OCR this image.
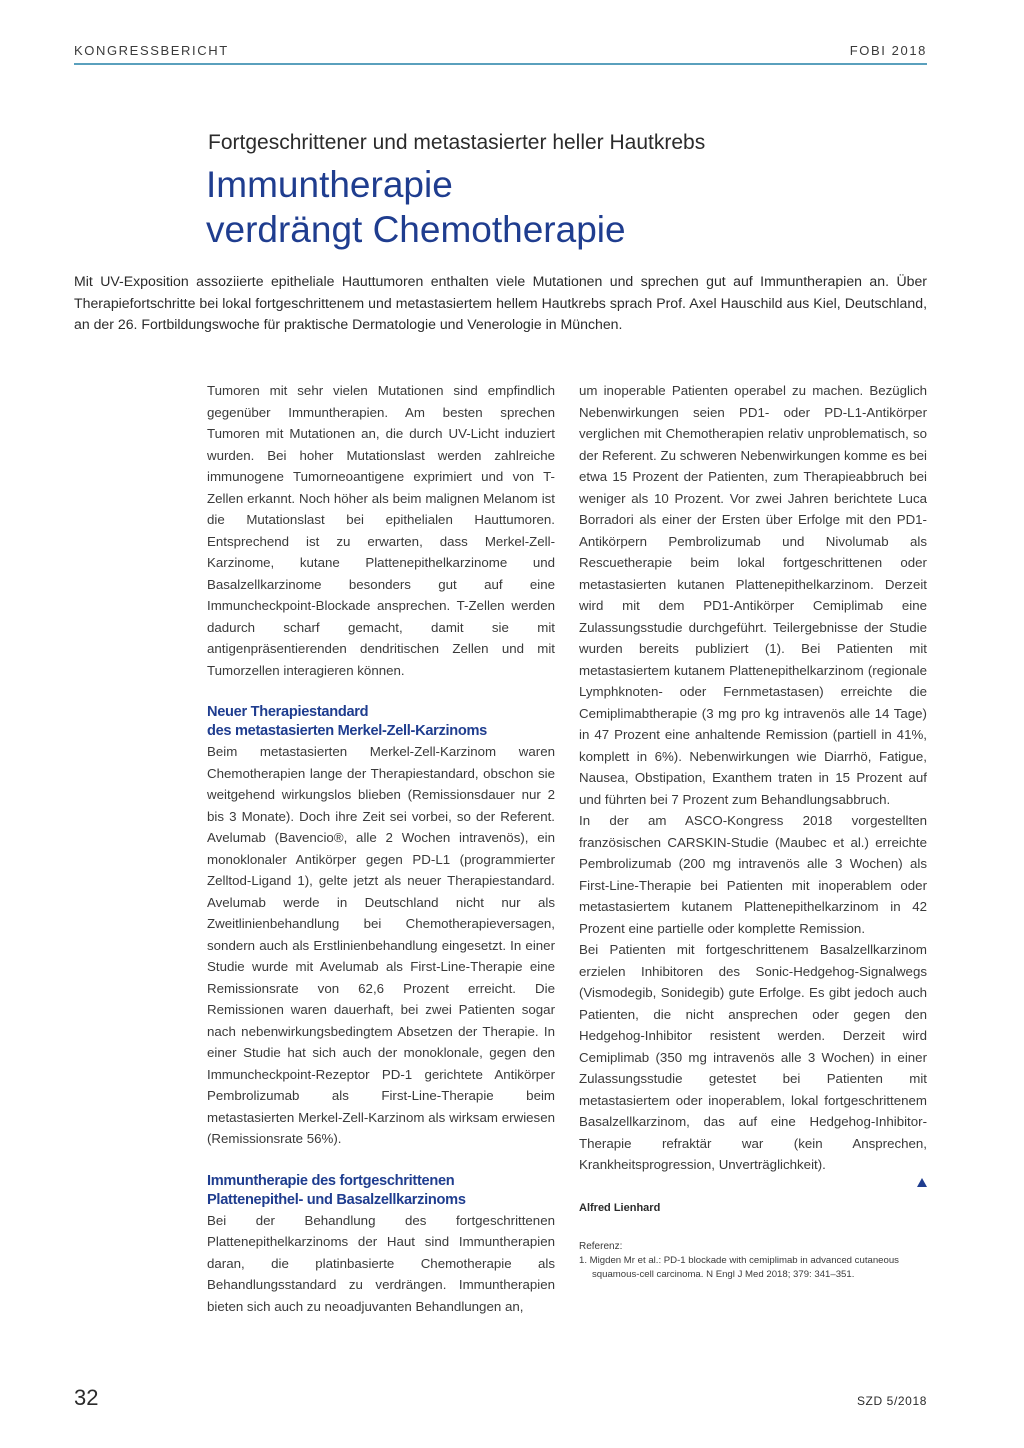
KONGRESSBERICHT	FOBI 2018
Fortgeschrittener und metastasierter heller Hautkrebs
Immuntherapie
verdrängt Chemotherapie
Mit UV-Exposition assoziierte epitheliale Hauttumoren enthalten viele Mutationen und sprechen gut auf Immuntherapien an. Über Therapiefortschritte bei lokal fortgeschrittenem und metastasiertem hellem Hautkrebs sprach Prof. Axel Hauschild aus Kiel, Deutschland, an der 26. Fortbildungswoche für praktische Dermatologie und Venerologie in München.

Tumoren mit sehr vielen Mutationen sind empfindlich gegenüber Immuntherapien. Am besten sprechen Tumoren mit Mutationen an, die durch UV-Licht induziert wurden. Bei hoher Mutationslast werden zahlreiche immunogene Tumorneoantigene exprimiert und von T-Zellen erkannt. Noch höher als beim malignen Melanom ist die Mutationslast bei epithelialen Hauttumoren. Entsprechend ist zu erwarten, dass Merkel-Zell-Karzinome, kutane Plattenepithelkarzinome und Basalzellkarzinome besonders gut auf eine Immuncheckpoint-Blockade ansprechen. T-Zellen werden dadurch scharf gemacht, damit sie mit antigenpräsentierenden dendritischen Zellen und mit Tumorzellen interagieren können.

Neuer Therapiestandard
des metastasierten Merkel-Zell-Karzinoms

Beim metastasierten Merkel-Zell-Karzinom waren Chemotherapien lange der Therapiestandard, obschon sie weitgehend wirkungslos blieben (Remissionsdauer nur 2 bis 3 Monate). Doch ihre Zeit sei vorbei, so der Referent. Avelumab (Bavencio®, alle 2 Wochen intravenös), ein monoklonaler Antikörper gegen PD-L1 (programmierter Zelltod-Ligand 1), gelte jetzt als neuer Therapiestandard. Avelumab werde in Deutschland nicht nur als Zweitlinienbehandlung bei Chemotherapieversagen, sondern auch als Erstlinienbehandlung eingesetzt. In einer Studie wurde mit Avelumab als First-Line-Therapie eine Remissionsrate von 62,6 Prozent erreicht. Die Remissionen waren dauerhaft, bei zwei Patienten sogar nach nebenwirkungsbedingtem Absetzen der Therapie. In einer Studie hat sich auch der monoklonale, gegen den Immuncheckpoint-Rezeptor PD-1 gerichtete Antikörper Pembrolizumab als First-Line-Therapie beim metastasierten Merkel-Zell-Karzinom als wirksam erwiesen (Remissionsrate 56%).

Immuntherapie des fortgeschrittenen
Plattenepithel- und Basalzellkarzinoms

Bei der Behandlung des fortgeschrittenen Plattenepithelkarzinoms der Haut sind Immuntherapien daran, die platinbasierte Chemotherapie als Behandlungsstandard zu verdrängen. Immuntherapien bieten sich auch zu neoadjuvanten Behandlungen an,

um inoperable Patienten operabel zu machen. Bezüglich Nebenwirkungen seien PD1- oder PD-L1-Antikörper verglichen mit Chemotherapien relativ unproblematisch, so der Referent. Zu schweren Nebenwirkungen komme es bei etwa 15 Prozent der Patienten, zum Therapieabbruch bei weniger als 10 Prozent. Vor zwei Jahren berichtete Luca Borradori als einer der Ersten über Erfolge mit den PD1-Antikörpern Pembrolizumab und Nivolumab als Rescuetherapie beim lokal fortgeschrittenen oder metastasierten kutanen Plattenepithelkarzinom. Derzeit wird mit dem PD1-Antikörper Cemiplimab eine Zulassungsstudie durchgeführt. Teilergebnisse der Studie wurden bereits publiziert (1). Bei Patienten mit metastasiertem kutanem Plattenepithelkarzinom (regionale Lymphknoten- oder Fernmetastasen) erreichte die Cemiplimabtherapie (3 mg pro kg intravenös alle 14 Tage) in 47 Prozent eine anhaltende Remission (partiell in 41%, komplett in 6%). Nebenwirkungen wie Diarrhö, Fatigue, Nausea, Obstipation, Exanthem traten in 15 Prozent auf und führten bei 7 Prozent zum Behandlungsabbruch.

In der am ASCO-Kongress 2018 vorgestellten französischen CARSKIN-Studie (Maubec et al.) erreichte Pembrolizumab (200 mg intravenös alle 3 Wochen) als First-Line-Therapie bei Patienten mit inoperablem oder metastasiertem kutanem Plattenepithelkarzinom in 42 Prozent eine partielle oder komplette Remission.

Bei Patienten mit fortgeschrittenem Basalzellkarzinom erzielen Inhibitoren des Sonic-Hedgehog-Signalwegs (Vismodegib, Sonidegib) gute Erfolge. Es gibt jedoch auch Patienten, die nicht ansprechen oder gegen den Hedgehog-Inhibitor resistent werden. Derzeit wird Cemiplimab (350 mg intravenös alle 3 Wochen) in einer Zulassungsstudie getestet bei Patienten mit metastasiertem oder inoperablem, lokal fortgeschrittenem Basalzellkarzinom, das auf eine Hedgehog-Inhibitor-Therapie refraktär war (kein Ansprechen, Krankheitsprogression, Unverträglichkeit).

Alfred Lienhard
Referenz:
1. Migden Mr et al.: PD-1 blockade with cemiplimab in advanced cutaneous squamous-cell carcinoma. N Engl J Med 2018; 379: 341–351.
32	SZD 5/2018
